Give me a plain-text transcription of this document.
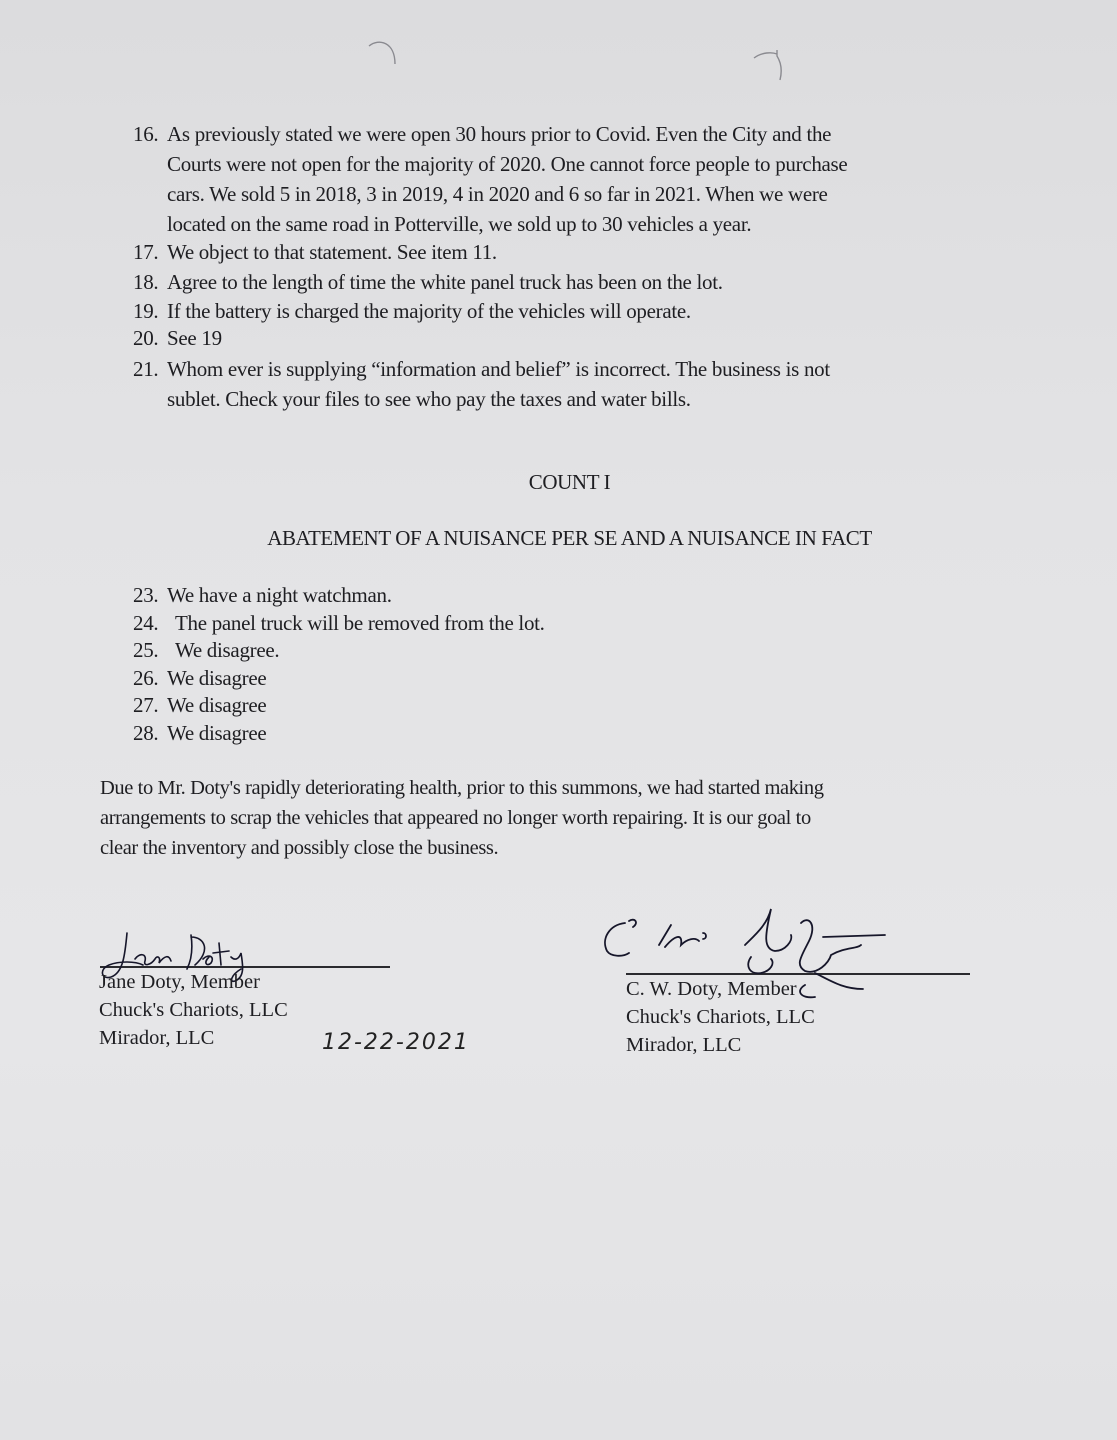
16. As previously stated we were open 30 hours prior to Covid. Even the City and the
Courts were not open for the majority of 2020. One cannot force people to purchase
cars. We sold 5 in 2018, 3 in 2019, 4 in 2020 and 6 so far in 2021. When we were
located on the same road in Potterville, we sold up to 30 vehicles a year.
17. We object to that statement. See item 11.
18. Agree to the length of time the white panel truck has been on the lot.
19. If the battery is charged the majority of the vehicles will operate.
20. See 19
21. Whom ever is supplying “information and belief” is incorrect. The business is not
sublet. Check your files to see who pay the taxes and water bills.
COUNT I
ABATEMENT OF A NUISANCE PER SE AND A NUISANCE IN FACT
23. We have a night watchman.
24. The panel truck will be removed from the lot.
25. We disagree.
26. We disagree
27. We disagree
28. We disagree
Due to Mr. Doty's rapidly deteriorating health, prior to this summons, we had started making
arrangements to scrap the vehicles that appeared no longer worth repairing. It is our goal to
clear the inventory and possibly close the business.
Jane Doty, Member
Chuck's Chariots, LLC
Mirador, LLC	12-22-2021
C. W. Doty, Member
Chuck's Chariots, LLC
Mirador, LLC
